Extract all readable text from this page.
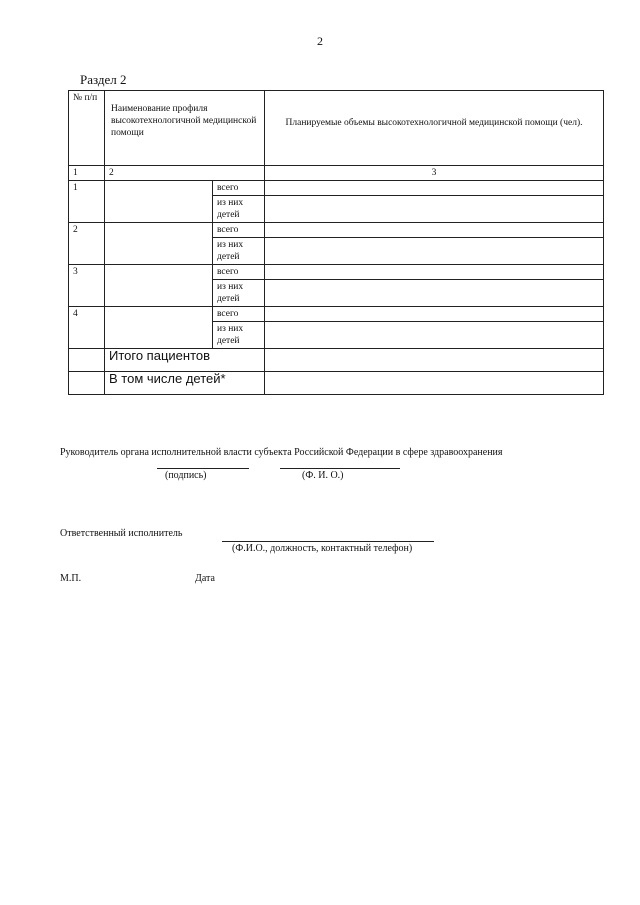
2
Раздел 2
№ п/п	Наименование профиля высокотехнологичной медицинской помощи		Планируемые объемы высокотехнологичной медицинской помощи (чел).
1	2		3
1		всего	
		из них детей	
2		всего	
		из них детей	
3		всего	
		из них детей	
4		всего	
		из них детей	
	Итого пациентов		
	В том числе детей*		
Руководитель органа исполнительной власти субъекта Российской Федерации в сфере здравоохранения
(подпись)	(Ф. И. О.)
Ответственный исполнитель
(Ф.И.О., должность, контактный телефон)
М.П.	Дата
